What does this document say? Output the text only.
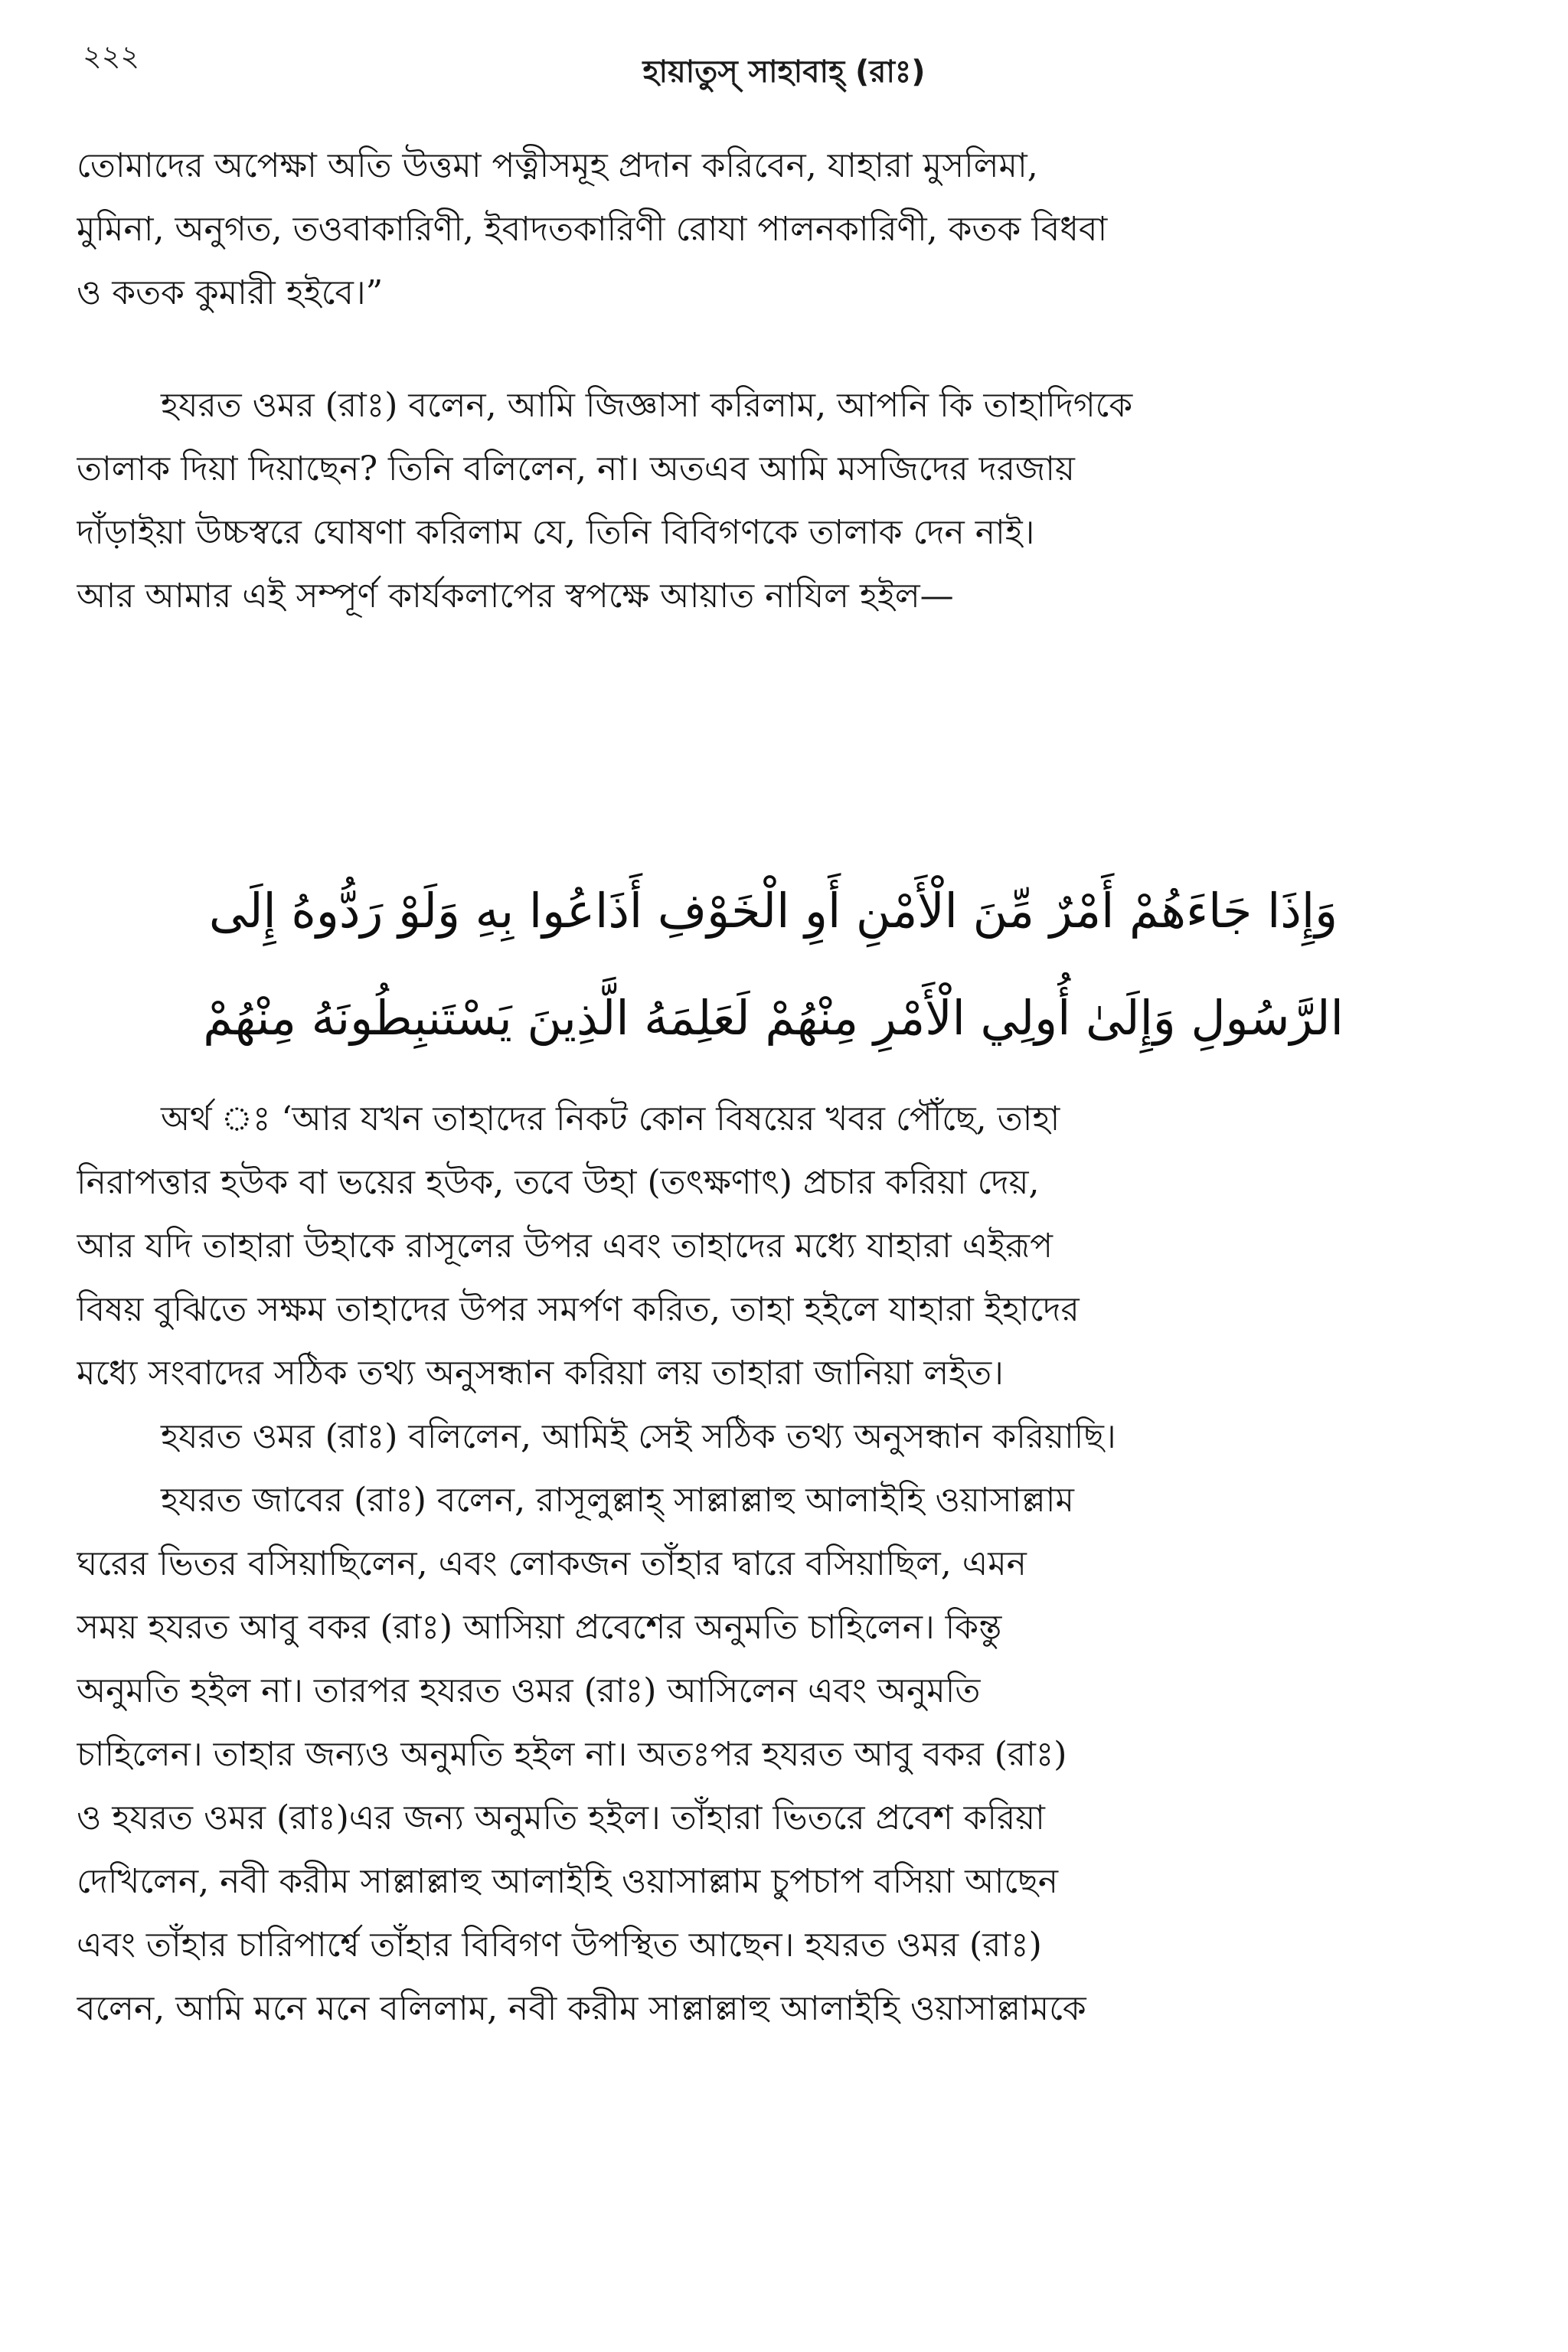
২২২	হায়াতুস্ সাহাবাহ্ (রাঃ)
তোমাদের অপেক্ষা অতি উত্তমা পত্নীসমূহ প্রদান করিবেন, যাহারা মুসলিমা,
মুমিনা, অনুগত, তওবাকারিণী, ইবাদতকারিণী রোযা পালনকারিণী, কতক বিধবা
ও কতক কুমারী হইবে।”
হযরত ওমর (রাঃ) বলেন, আমি জিজ্ঞাসা করিলাম, আপনি কি তাহাদিগকে
তালাক দিয়া দিয়াছেন? তিনি বলিলেন, না। অতএব আমি মসজিদের দরজায়
দাঁড়াইয়া উচ্চস্বরে ঘোষণা করিলাম যে, তিনি বিবিগণকে তালাক দেন নাই।
আর আমার এই সম্পূর্ণ কার্যকলাপের স্বপক্ষে আয়াত নাযিল হইল—
وَإِذَا جَاءَهُمْ أَمْرٌ مِّنَ الْأَمْنِ أَوِ الْخَوْفِ أَذَاعُوا بِهِ وَلَوْ رَدُّوهُ إِلَى
الرَّسُولِ وَإِلَىٰ أُولِي الْأَمْرِ مِنْهُمْ لَعَلِمَهُ الَّذِينَ يَسْتَنبِطُونَهُ مِنْهُمْ
অর্থ ঃ ‘আর যখন তাহাদের নিকট কোন বিষয়ের খবর পৌঁছে, তাহা
নিরাপত্তার হউক বা ভয়ের হউক, তবে উহা (তৎক্ষণাৎ) প্রচার করিয়া দেয়,
আর যদি তাহারা উহাকে রাসূলের উপর এবং তাহাদের মধ্যে যাহারা এইরূপ
বিষয় বুঝিতে সক্ষম তাহাদের উপর সমর্পণ করিত, তাহা হইলে যাহারা ইহাদের
মধ্যে সংবাদের সঠিক তথ্য অনুসন্ধান করিয়া লয় তাহারা জানিয়া লইত।
হযরত ওমর (রাঃ) বলিলেন, আমিই সেই সঠিক তথ্য অনুসন্ধান করিয়াছি।
হযরত জাবের (রাঃ) বলেন, রাসূলুল্লাহ্ সাল্লাল্লাহু আলাইহি ওয়াসাল্লাম
ঘরের ভিতর বসিয়াছিলেন, এবং লোকজন তাঁহার দ্বারে বসিয়াছিল, এমন
সময় হযরত আবু বকর (রাঃ) আসিয়া প্রবেশের অনুমতি চাহিলেন। কিন্তু
অনুমতি হইল না। তারপর হযরত ওমর (রাঃ) আসিলেন এবং অনুমতি
চাহিলেন। তাহার জন্যও অনুমতি হইল না। অতঃপর হযরত আবু বকর (রাঃ)
ও হযরত ওমর (রাঃ)এর জন্য অনুমতি হইল। তাঁহারা ভিতরে প্রবেশ করিয়া
দেখিলেন, নবী করীম সাল্লাল্লাহু আলাইহি ওয়াসাল্লাম চুপচাপ বসিয়া আছেন
এবং তাঁহার চারিপার্শ্বে তাঁহার বিবিগণ উপস্থিত আছেন। হযরত ওমর (রাঃ)
বলেন, আমি মনে মনে বলিলাম, নবী করীম সাল্লাল্লাহু আলাইহি ওয়াসাল্লামকে
